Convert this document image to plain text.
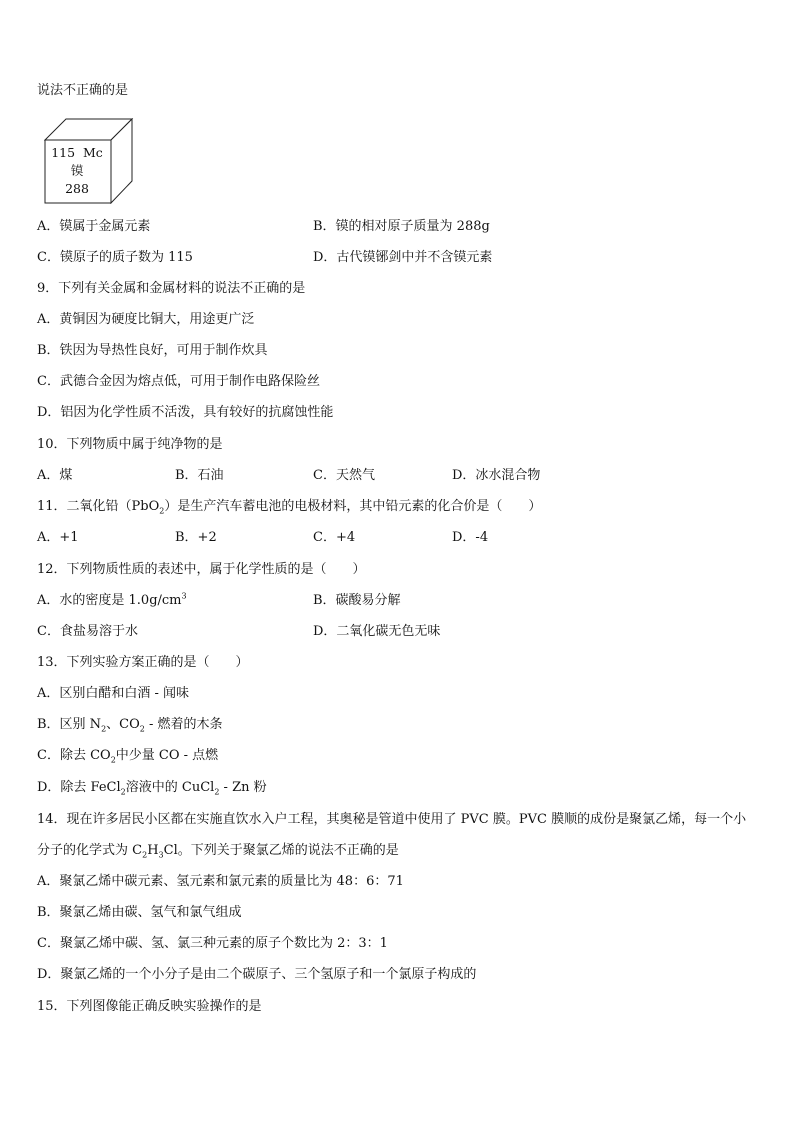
说法不正确的是
115 Mc
镆
288
A．镆属于金属元素	B．镆的相对原子质量为 288g
C．镆原子的质子数为 115	D．古代镆铘剑中并不含镆元素
9．下列有关金属和金属材料的说法不正确的是
A．黄铜因为硬度比铜大，用途更广泛
B．铁因为导热性良好，可用于制作炊具
C．武德合金因为熔点低，可用于制作电路保险丝
D．铝因为化学性质不活泼，具有较好的抗腐蚀性能
10．下列物质中属于纯净物的是
A．煤	B．石油	C．天然气	D．冰水混合物
11．二氧化铅（PbO$_2$）是生产汽车蓄电池的电极材料，其中铅元素的化合价是（　　）
A．+1	B．+2	C．+4	D．-4
12．下列物质性质的表述中，属于化学性质的是（　　）
A．水的密度是 $1.0g/cm^3$	B．碳酸易分解
C．食盐易溶于水	D．二氧化碳无色无味
13．下列实验方案正确的是（　　）
A．区别白醋和白酒 - 闻味
B．区别 $N_2$、$CO_2$ - 燃着的木条
C．除去 $CO_2$中少量 CO - 点燃
D．除去 FeCl$_2$溶液中的 CuCl$_2$ - Zn 粉
14．现在许多居民小区都在实施直饮水入户工程，其奥秘是管道中使用了 PVC 膜。PVC 膜顺的成份是聚氯乙烯，每一个小分子的化学式为 $C_2H_3Cl$。下列关于聚氯乙烯的说法不正确的是
A．聚氯乙烯中碳元素、氢元素和氯元素的质量比为 48：6：71
B．聚氯乙烯由碳、氢气和氯气组成
C．聚氯乙烯中碳、氢、氯三种元素的原子个数比为 2：3：1
D．聚氯乙烯的一个小分子是由二个碳原子、三个氢原子和一个氯原子构成的
15．下列图像能正确反映实验操作的是
